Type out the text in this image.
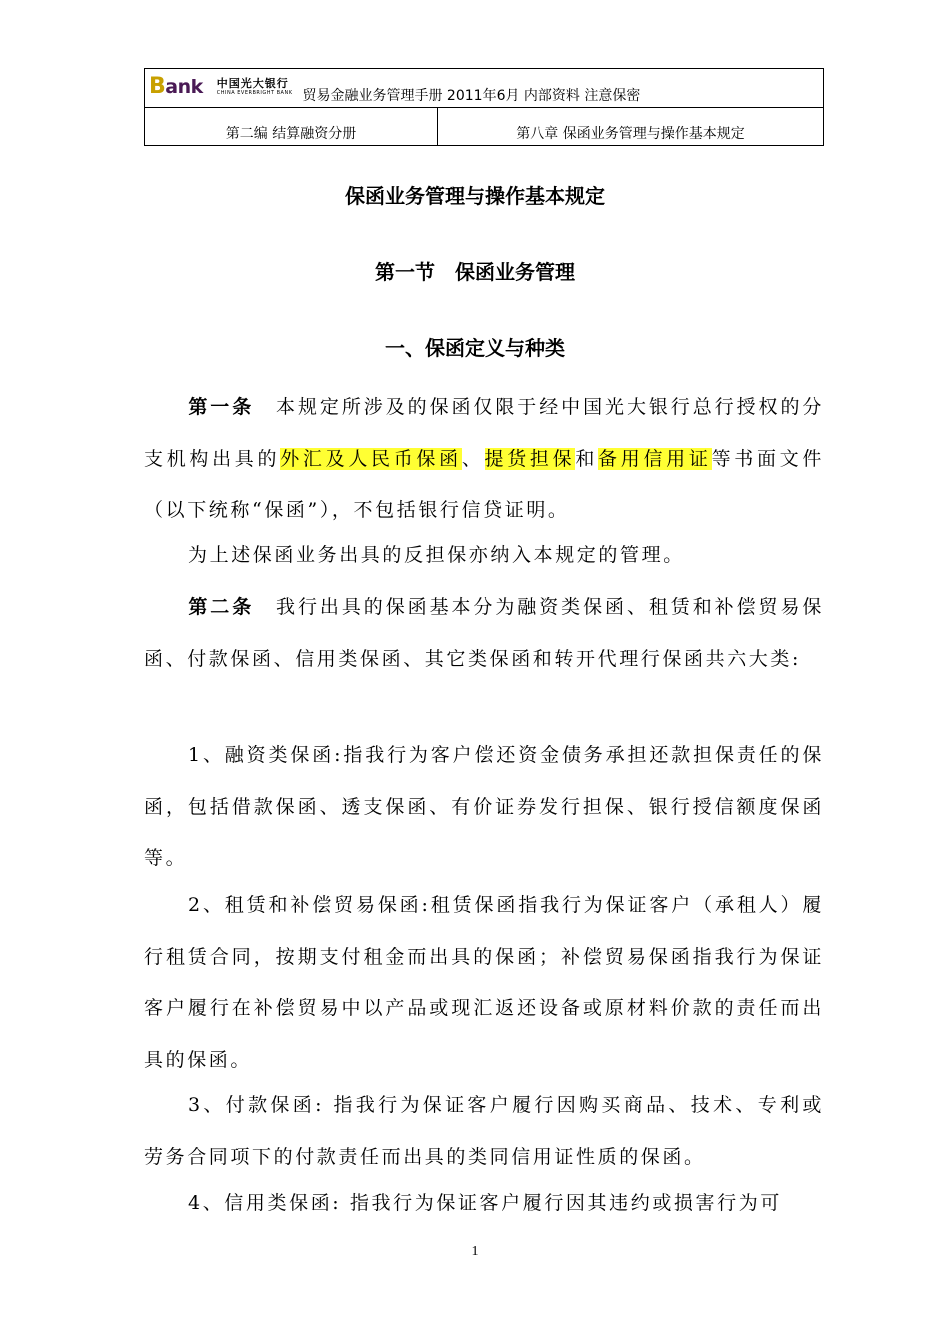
Bank 中国光大银行
CHINA EVERBRIGHT BANK 贸易金融业务管理手册 2011年6月 内部资料 注意保密

第二编 结算融资分册	第八章 保函业务管理与操作基本规定
保函业务管理与操作基本规定
第一节　保函业务管理
一、保函定义与种类

第一条　本规定所涉及的保函仅限于经中国光大银行总行授权的分支机构出具的外汇及人民币保函、提货担保和备用信用证等书面文件（以下统称“保函”），不包括银行信贷证明。

为上述保函业务出具的反担保亦纳入本规定的管理。

第二条　我行出具的保函基本分为融资类保函、租赁和补偿贸易保函、付款保函、信用类保函、其它类保函和转开代理行保函共六大类:

1、融资类保函:指我行为客户偿还资金债务承担还款担保责任的保函，包括借款保函、透支保函、有价证券发行担保、银行授信额度保函等。

2、租赁和补偿贸易保函:租赁保函指我行为保证客户（承租人）履行租赁合同，按期支付租金而出具的保函；补偿贸易保函指我行为保证客户履行在补偿贸易中以产品或现汇返还设备或原材料价款的责任而出具的保函。

3、付款保函: 指我行为保证客户履行因购买商品、技术、专利或劳务合同项下的付款责任而出具的类同信用证性质的保函。

4、信用类保函: 指我行为保证客户履行因其违约或损害行为可

1
